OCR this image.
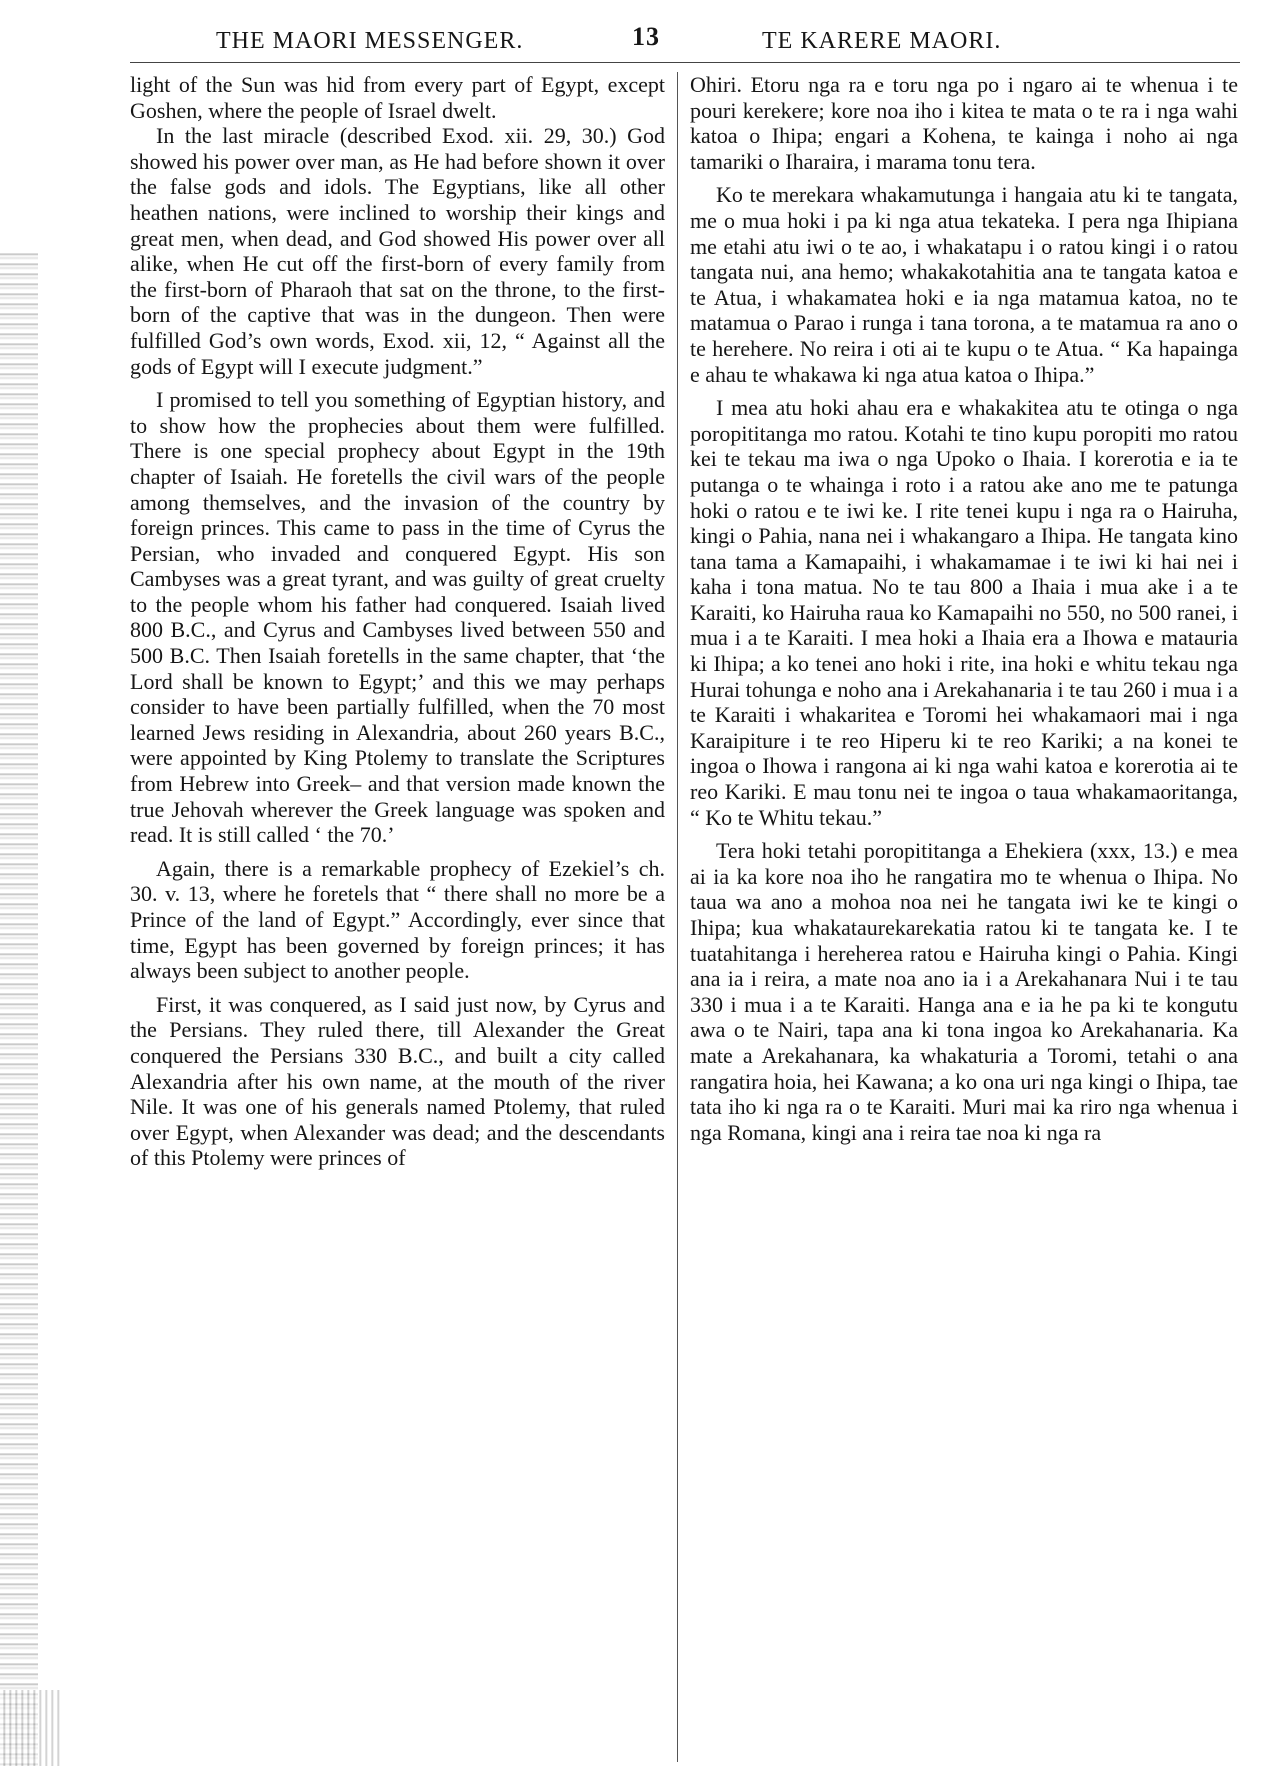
THE MAORI MESSENGER.	13	TE KARERE MAORI.

light of the Sun was hid from every part of Egypt, except Goshen, where the people of Israel dwelt.

In the last miracle (described Exod. xii. 29, 30.) God showed his power over man, as He had before shown it over the false gods and idols. The Egyptians, like all other heathen nations, were inclined to worship their kings and great men, when dead, and God showed His power over all alike, when He cut off the first-born of every family from the first-born of Pharaoh that sat on the throne, to the first-born of the captive that was in the dungeon. Then were fulfilled God’s own words, Exod. xii, 12, “ Against all the gods of Egypt will I execute judgment.”

I promised to tell you something of Egyptian history, and to show how the prophecies about them were fulfilled. There is one special prophecy about Egypt in the 19th chapter of Isaiah. He foretells the civil wars of the people among themselves, and the invasion of the country by foreign princes. This came to pass in the time of Cyrus the Persian, who invaded and conquered Egypt. His son Cambyses was a great tyrant, and was guilty of great cruelty to the people whom his father had conquered. Isaiah lived 800 B.C., and Cyrus and Cambyses lived between 550 and 500 B.C. Then Isaiah foretells in the same chapter, that ‘the Lord shall be known to Egypt;’ and this we may perhaps consider to have been partially fulfilled, when the 70 most learned Jews residing in Alexandria, about 260 years B.C., were appointed by King Ptolemy to translate the Scriptures from Hebrew into Greek– and that version made known the true Jehovah wherever the Greek language was spoken and read. It is still called ‘ the 70.’

Again, there is a remarkable prophecy of Ezekiel’s ch. 30. v. 13, where he foretels that “ there shall no more be a Prince of the land of Egypt.” Accordingly, ever since that time, Egypt has been governed by foreign princes; it has always been subject to another people.

First, it was conquered, as I said just now, by Cyrus and the Persians. They ruled there, till Alexander the Great conquered the Persians 330 B.C., and built a city called Alexandria after his own name, at the mouth of the river Nile. It was one of his generals named Ptolemy, that ruled over Egypt, when Alexander was dead; and the descendants of this Ptolemy were princes of

Ohiri. Etoru nga ra e toru nga po i ngaro ai te whenua i te pouri kerekere; kore noa iho i kitea te mata o te ra i nga wahi katoa o Ihipa; engari a Kohena, te kainga i noho ai nga tamariki o Iharaira, i marama tonu tera.

Ko te merekara whakamutunga i hangaia atu ki te tangata, me o mua hoki i pa ki nga atua tekateka. I pera nga Ihipiana me etahi atu iwi o te ao, i whakatapu i o ratou kingi i o ratou tangata nui, ana hemo; whakakotahitia ana te tangata katoa e te Atua, i whakamatea hoki e ia nga matamua katoa, no te matamua o Parao i runga i tana torona, a te matamua ra ano o te herehere. No reira i oti ai te kupu o te Atua. “ Ka hapainga e ahau te whakawa ki nga atua katoa o Ihipa.”

I mea atu hoki ahau era e whakakitea atu te otinga o nga poropititanga mo ratou. Kotahi te tino kupu poropiti mo ratou kei te tekau ma iwa o nga Upoko o Ihaia. I korerotia e ia te putanga o te whainga i roto i a ratou ake ano me te patunga hoki o ratou e te iwi ke. I rite tenei kupu i nga ra o Hairuha, kingi o Pahia, nana nei i whakangaro a Ihipa. He tangata kino tana tama a Kamapaihi, i whakamamae i te iwi ki hai nei i kaha i tona matua. No te tau 800 a Ihaia i mua ake i a te Karaiti, ko Hairuha raua ko Kamapaihi no 550, no 500 ranei, i mua i a te Karaiti. I mea hoki a Ihaia era a Ihowa e matauria ki Ihipa; a ko tenei ano hoki i rite, ina hoki e whitu tekau nga Hurai tohunga e noho ana i Arekahanaria i te tau 260 i mua i a te Karaiti i whakaritea e Toromi hei whakamaori mai i nga Karaipiture i te reo Hiperu ki te reo Kariki; a na konei te ingoa o Ihowa i rangona ai ki nga wahi katoa e korerotia ai te reo Kariki. E mau tonu nei te ingoa o taua whakamaoritanga, “ Ko te Whitu tekau.”

Tera hoki tetahi poropititanga a Ehekiera (xxx, 13.) e mea ai ia ka kore noa iho he rangatira mo te whenua o Ihipa. No taua wa ano a mohoa noa nei he tangata iwi ke te kingi o Ihipa; kua whakataurekarekatia ratou ki te tangata ke. I te tuatahitanga i hereherea ratou e Hairuha kingi o Pahia. Kingi ana ia i reira, a mate noa ano ia i a Arekahanara Nui i te tau 330 i mua i a te Karaiti. Hanga ana e ia he pa ki te kongutu awa o te Nairi, tapa ana ki tona ingoa ko Arekahanaria. Ka mate a Arekahanara, ka whakaturia a Toromi, tetahi o ana rangatira hoia, hei Kawana; a ko ona uri nga kingi o Ihipa, tae tata iho ki nga ra o te Karaiti. Muri mai ka riro nga whenua i nga Romana, kingi ana i reira tae noa ki nga ra
